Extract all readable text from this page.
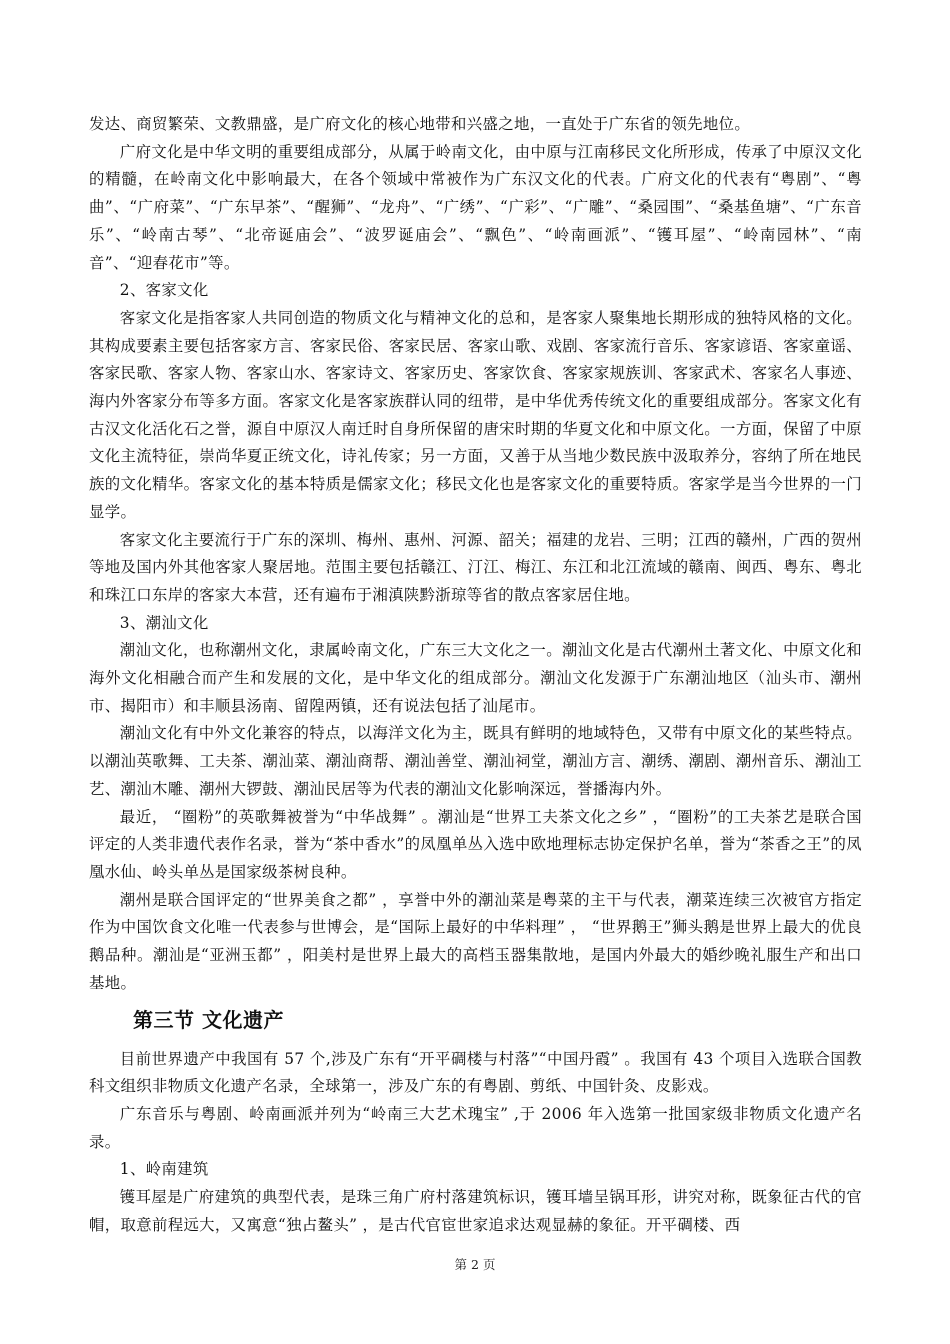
发达、商贸繁荣、文教鼎盛，是广府文化的核心地带和兴盛之地，一直处于广东省的领先地位。

广府文化是中华文明的重要组成部分，从属于岭南文化，由中原与江南移民文化所形成，传承了中原汉文化的精髓，在岭南文化中影响最大，在各个领域中常被作为广东汉文化的代表。广府文化的代表有“粤剧”、“粤曲”、“广府菜”、“广东早茶”、“醒狮”、“龙舟”、“广绣”、“广彩”、“广雕”、“桑园围”、“桑基鱼塘”、“广东音乐”、“岭南古琴”、“北帝诞庙会”、“波罗诞庙会”、“飘色”、“岭南画派”、“镬耳屋”、“岭南园林”、“南音”、“迎春花市”等。

2、客家文化

客家文化是指客家人共同创造的物质文化与精神文化的总和，是客家人聚集地长期形成的独特风格的文化。其构成要素主要包括客家方言、客家民俗、客家民居、客家山歌、戏剧、客家流行音乐、客家谚语、客家童谣、客家民歌、客家人物、客家山水、客家诗文、客家历史、客家饮食、客家家规族训、客家武术、客家名人事迹、海内外客家分布等多方面。客家文化是客家族群认同的纽带，是中华优秀传统文化的重要组成部分。客家文化有古汉文化活化石之誉，源自中原汉人南迁时自身所保留的唐宋时期的华夏文化和中原文化。一方面，保留了中原文化主流特征，崇尚华夏正统文化，诗礼传家；另一方面，又善于从当地少数民族中汲取养分，容纳了所在地民族的文化精华。客家文化的基本特质是儒家文化；移民文化也是客家文化的重要特质。客家学是当今世界的一门显学。

客家文化主要流行于广东的深圳、梅州、惠州、河源、韶关；福建的龙岩、三明；江西的赣州，广西的贺州等地及国内外其他客家人聚居地。范围主要包括赣江、汀江、梅江、东江和北江流域的赣南、闽西、粤东、粤北和珠江口东岸的客家大本营，还有遍布于湘滇陕黔浙琼等省的散点客家居住地。

3、潮汕文化

潮汕文化，也称潮州文化，隶属岭南文化，广东三大文化之一。潮汕文化是古代潮州土著文化、中原文化和海外文化相融合而产生和发展的文化，是中华文化的组成部分。潮汕文化发源于广东潮汕地区（汕头市、潮州市、揭阳市）和丰顺县汤南、留隍两镇，还有说法包括了汕尾市。

潮汕文化有中外文化兼容的特点，以海洋文化为主，既具有鲜明的地域特色，又带有中原文化的某些特点。以潮汕英歌舞、工夫茶、潮汕菜、潮汕商帮、潮汕善堂、潮汕祠堂，潮汕方言、潮绣、潮剧、潮州音乐、潮汕工艺、潮汕木雕、潮州大锣鼓、潮汕民居等为代表的潮汕文化影响深远，誉播海内外。

最近， “圈粉”的英歌舞被誉为“中华战舞” 。潮汕是“世界工夫茶文化之乡” ，“圈粉”的工夫茶艺是联合国评定的人类非遗代表作名录，誉为“茶中香水”的凤凰单丛入选中欧地理标志协定保护名单，誉为“茶香之王”的凤凰水仙、岭头单丛是国家级茶树良种。

潮州是联合国评定的“世界美食之都” ，享誉中外的潮汕菜是粤菜的主干与代表，潮菜连续三次被官方指定作为中国饮食文化唯一代表参与世博会，是“国际上最好的中华料理” ， “世界鹅王”狮头鹅是世界上最大的优良鹅品种。潮汕是“亚洲玉都” ，阳美村是世界上最大的高档玉器集散地，是国内外最大的婚纱晚礼服生产和出口基地。

第三节 文化遗产

目前世界遗产中我国有 57 个,涉及广东有“开平碉楼与村落”“中国丹霞” 。我国有 43 个项目入选联合国教科文组织非物质文化遗产名录，全球第一，涉及广东的有粤剧、剪纸、中国针灸、皮影戏。

广东音乐与粤剧、岭南画派并列为“岭南三大艺术瑰宝” ,于 2006 年入选第一批国家级非物质文化遗产名录。

1、岭南建筑

镬耳屋是广府建筑的典型代表，是珠三角广府村落建筑标识，镬耳墙呈锅耳形，讲究对称，既象征古代的官帽，取意前程远大，又寓意“独占鳌头” ，是古代官宦世家追求达观显赫的象征。开平碉楼、西

第 2 页
